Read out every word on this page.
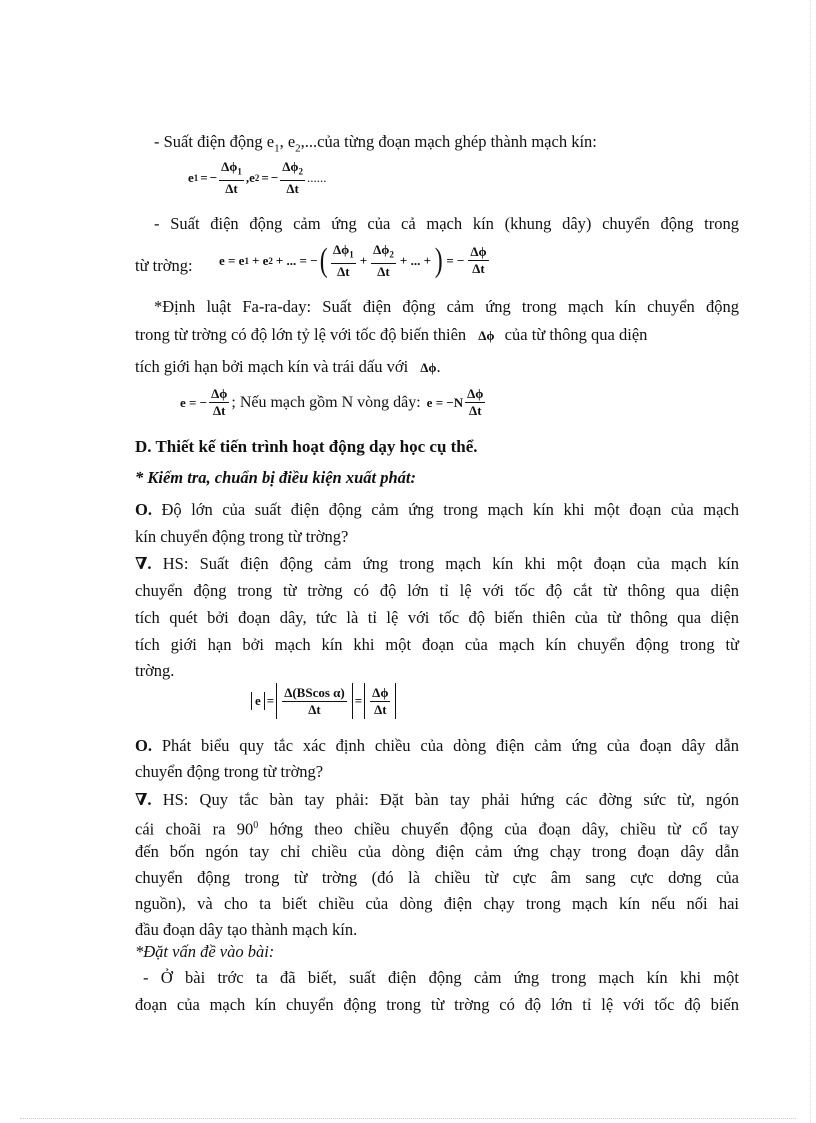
- Suất điện động $e_1$, $e_2,...của$ từng đoạn mạch ghép thành mạch kín:
e 1 = − $\frac{\Delta\phi_1}{\Delta t}$ , e 2 = − $\frac{\Delta\phi_2}{\Delta t}$ ......
- Suất điện động cảm ứng của cả mạch kín (khung dây) chuyển động trong
từ trờng: e = e 1 + e 2 + ... = − ( $\frac{\Delta\phi_1}{\Delta t} + \frac{\Delta\phi_2}{\Delta t}$ + ... + ) = − $\frac{\Delta\phi}{\Delta t}$
*Định luật Fa-ra-day: Suất điện động cảm ứng trong mạch kín chuyển động
trong từ trờng có độ lớn tỷ lệ với tốc độ biến thiên Δϕ của từ thông qua diện
tích giới hạn bởi mạch kín và trái dấu với Δϕ.
e = − $\frac{\Delta\phi}{\Delta t}$ ; Nếu mạch gồm N vòng dây: $e = -N \frac{\Delta\phi}{\Delta t}$
D. Thiết kế tiến trình hoạt động dạy học cụ thể.
* Kiểm tra, chuẩn bị điều kiện xuất phát:
O. Độ lớn của suất điện động cảm ứng trong mạch kín khi một đoạn của mạch
kín chuyển động trong từ trờng?
∇. HS: Suất điện động cảm ứng trong mạch kín khi một đoạn của mạch kín
chuyển động trong từ trờng có độ lớn tỉ lệ với tốc độ cắt từ thông qua diện
tích quét bởi đoạn dây, tức là tỉ lệ với tốc độ biến thiên của từ thông qua diện
tích giới hạn bởi mạch kín khi một đoạn của mạch kín chuyển động trong từ
trờng.
$e = \frac{\text{Δ(BScos α)}}{\Delta t} = \frac{\Delta\phi}{\Delta t}$
O. Phát biểu quy tắc xác định chiều của dòng điện cảm ứng của đoạn dây dẫn
chuyển động trong từ trờng?
∇. HS: Quy tắc bàn tay phải: Đặt bàn tay phải hứng các đờng sức từ, ngón
cái choãi ra $90^0$ hớng theo chiều chuyển động của đoạn dây, chiều từ cổ tay
đến bốn ngón tay chỉ chiều của dòng điện cảm ứng chạy trong đoạn dây dẫn
chuyển động trong từ trờng (đó là chiều từ cực âm sang cực dơng của
nguồn), và cho ta biết chiều của dòng điện chạy trong mạch kín nếu nối hai
đầu đoạn dây tạo thành mạch kín.
*Đặt vấn đề vào bài:
- Ở bài trớc ta đã biết, suất điện động cảm ứng trong mạch kín khi một
đoạn của mạch kín chuyển động trong từ trờng có độ lớn tỉ lệ với tốc độ biến
